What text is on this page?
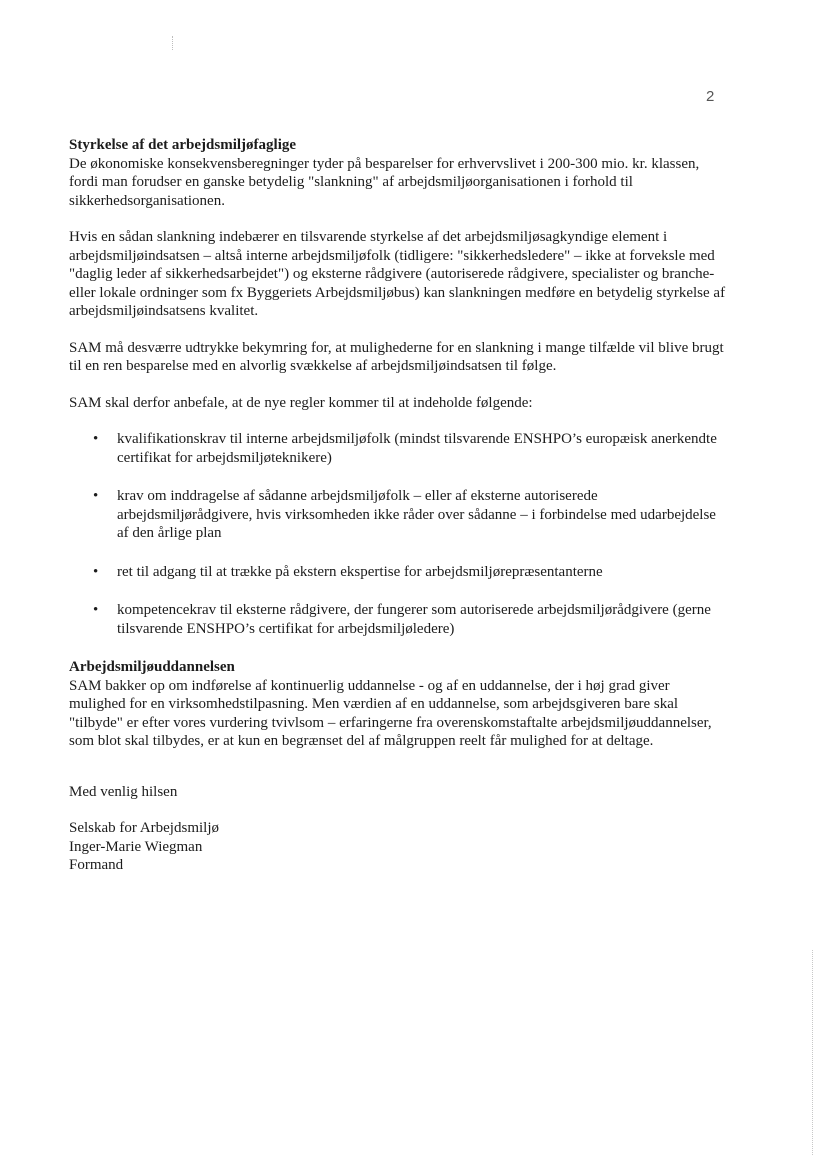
2

Styrkelse af det arbejdsmiljøfaglige

De økonomiske konsekvensberegninger tyder på besparelser for erhvervslivet i 200-300 mio. kr. klassen, fordi man forudser en ganske betydelig "slankning" af arbejdsmiljøorganisationen i forhold til sikkerhedsorganisationen.

Hvis en sådan slankning indebærer en tilsvarende styrkelse af det arbejdsmiljøsagkyndige element i arbejdsmiljøindsatsen – altså interne arbejdsmiljøfolk (tidligere: "sikkerhedsledere" – ikke at forveksle med "daglig leder af sikkerhedsarbejdet") og eksterne rådgivere (autoriserede rådgivere, specialister og branche- eller lokale ordninger som fx Byggeriets Arbejdsmiljøbus) kan slankningen medføre en betydelig styrkelse af arbejdsmiljøindsatsens kvalitet.

SAM må desværre udtrykke bekymring for, at mulighederne for en slankning i mange tilfælde vil blive brugt til en ren besparelse med en alvorlig svækkelse af arbejdsmiljøindsatsen til følge.

SAM skal derfor anbefale, at de nye regler kommer til at indeholde følgende:

• kvalifikationskrav til interne arbejdsmiljøfolk (mindst tilsvarende ENSHPO’s europæisk anerkendte certifikat for arbejdsmiljøteknikere)
• krav om inddragelse af sådanne arbejdsmiljøfolk – eller af eksterne autoriserede arbejdsmiljørådgivere, hvis virksomheden ikke råder over sådanne – i forbindelse med udarbejdelse af den årlige plan
• ret til adgang til at trække på ekstern ekspertise for arbejdsmiljørepræsentanterne
• kompetencekrav til eksterne rådgivere, der fungerer som autoriserede arbejdsmiljørådgivere (gerne tilsvarende ENSHPO’s certifikat for arbejdsmiljøledere)

Arbejdsmiljøuddannelsen

SAM bakker op om indførelse af kontinuerlig uddannelse - og af en uddannelse, der i høj grad giver mulighed for en virksomhedstilpasning. Men værdien af en uddannelse, som arbejdsgiveren bare skal "tilbyde" er efter vores vurdering tvivlsom – erfaringerne fra overenskomstaftalte arbejdsmiljøuddannelser, som blot skal tilbydes, er at kun en begrænset del af målgruppen reelt får mulighed for at deltage.

Med venlig hilsen

Selskab for Arbejdsmiljø
Inger-Marie Wiegman
Formand
